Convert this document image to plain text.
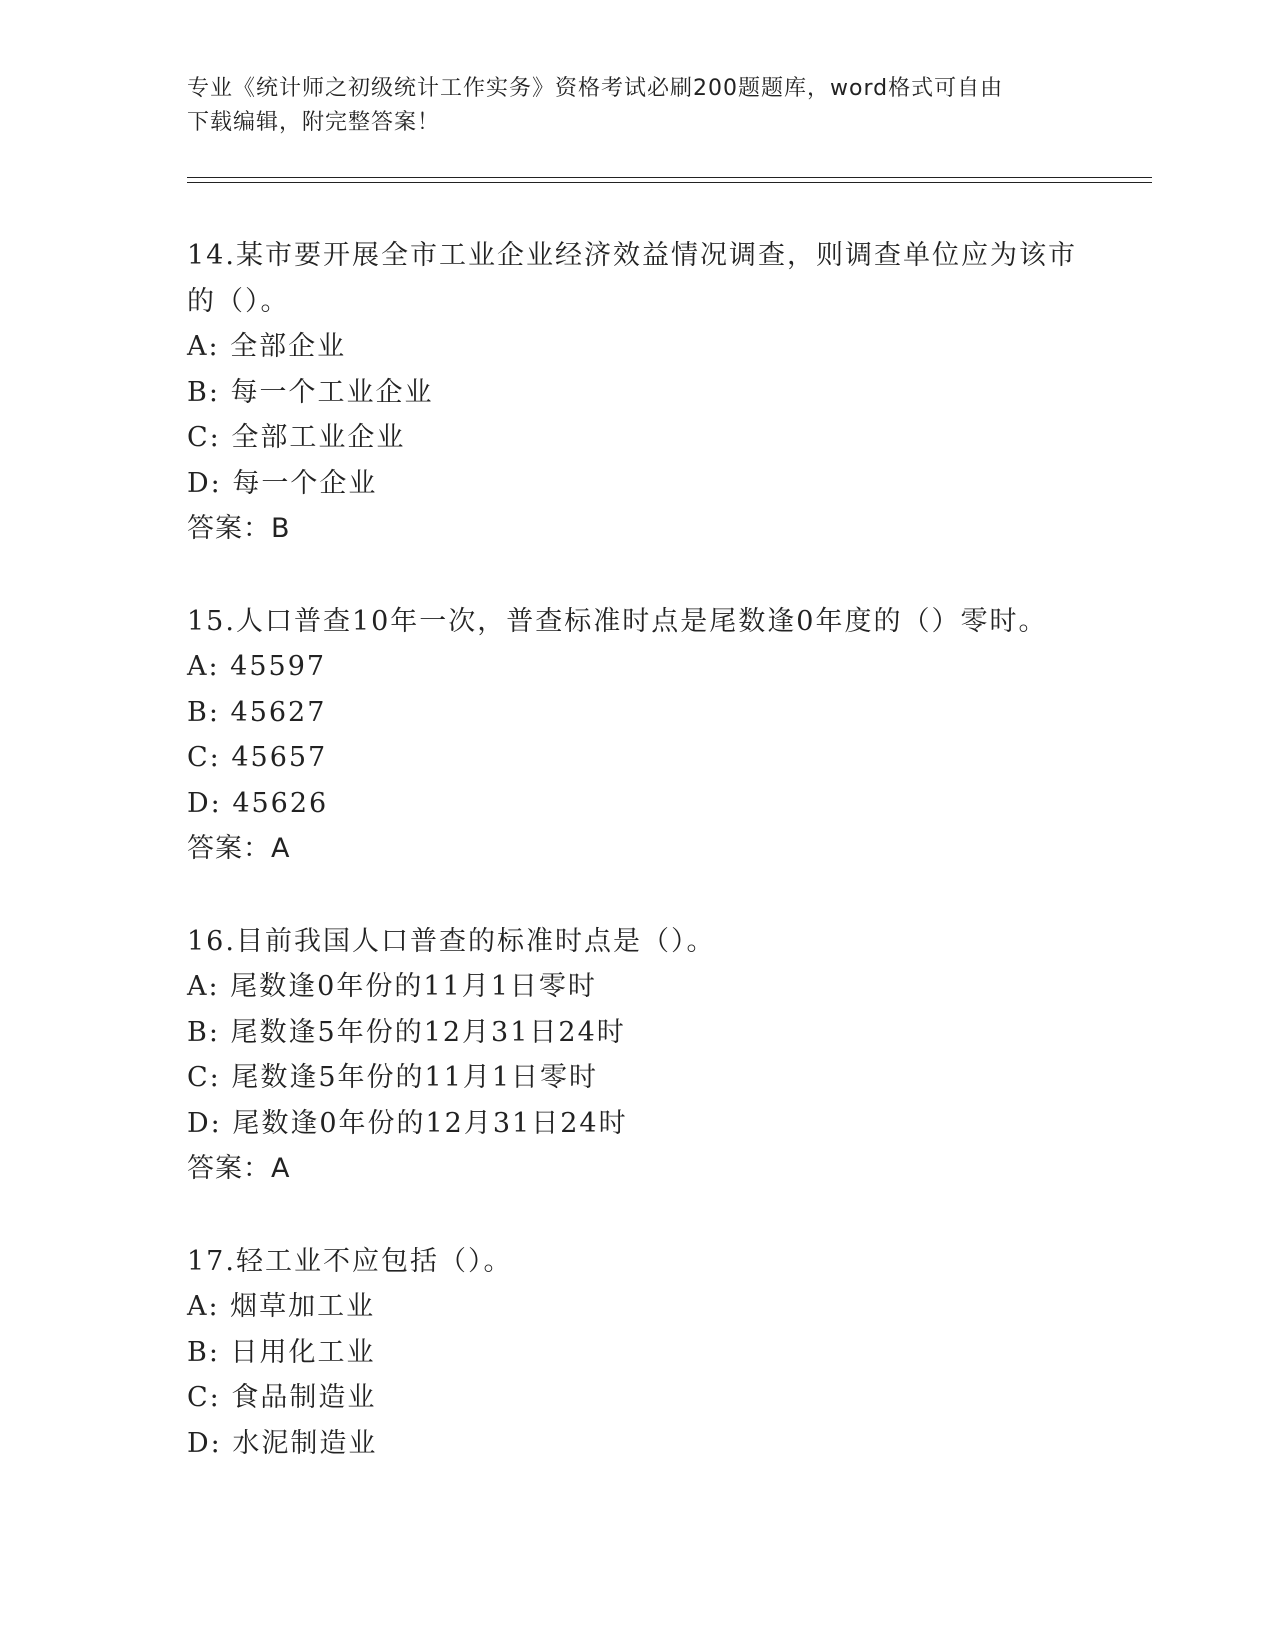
专业《统计师之初级统计工作实务》资格考试必刷200题题库，word格式可自由
下载编辑，附完整答案！
14.某市要开展全市工业企业经济效益情况调查，则调查单位应为该市
的（）。
A: 全部企业
B: 每一个工业企业
C: 全部工业企业
D: 每一个企业
答案：B
15.人口普查10年一次，普查标准时点是尾数逢0年度的（）零时。
A: 45597
B: 45627
C: 45657
D: 45626
答案：A
16.目前我国人口普查的标准时点是（）。
A: 尾数逢0年份的11月1日零时
B: 尾数逢5年份的12月31日24时
C: 尾数逢5年份的11月1日零时
D: 尾数逢0年份的12月31日24时
答案：A
17.轻工业不应包括（）。
A: 烟草加工业
B: 日用化工业
C: 食品制造业
D: 水泥制造业
